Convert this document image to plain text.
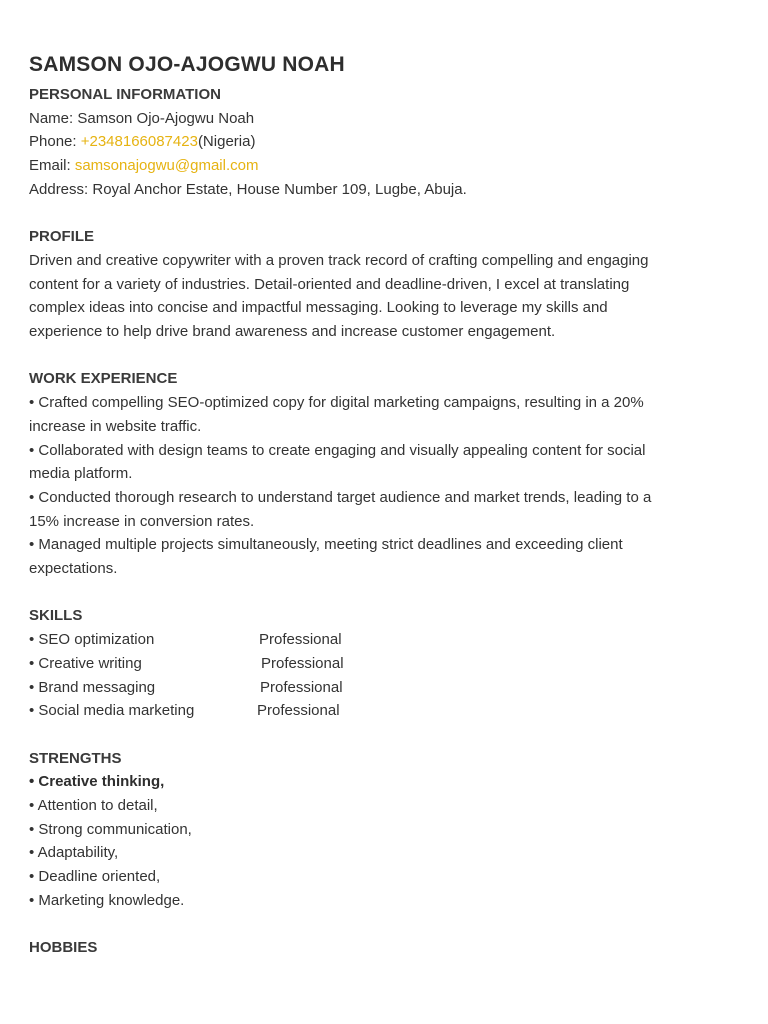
SAMSON OJO-AJOGWU NOAH
PERSONAL INFORMATION
Name: Samson Ojo-Ajogwu Noah
Phone: +2348166087423(Nigeria)
Email: samsonajogwu@gmail.com
Address: Royal Anchor Estate, House Number 109, Lugbe, Abuja.
PROFILE
Driven and creative copywriter with a proven track record of crafting compelling and engaging
content for a variety of industries. Detail-oriented and deadline-driven, I excel at translating
complex ideas into concise and impactful messaging. Looking to leverage my skills and
experience to help drive brand awareness and increase customer engagement.
WORK EXPERIENCE
• Crafted compelling SEO-optimized copy for digital marketing campaigns, resulting in a 20%
increase in website traffic.
• Collaborated with design teams to create engaging and visually appealing content for social
media platform.
• Conducted thorough research to understand target audience and market trends, leading to a
15% increase in conversion rates.
• Managed multiple projects simultaneously, meeting strict deadlines and exceeding client
expectations.
SKILLS
• SEO optimization	Professional
• Creative writing	Professional
• Brand messaging	Professional
• Social media marketing	Professional
STRENGTHS
• Creative thinking,
• Attention to detail,
• Strong communication,
• Adaptability,
• Deadline oriented,
• Marketing knowledge.
HOBBIES
